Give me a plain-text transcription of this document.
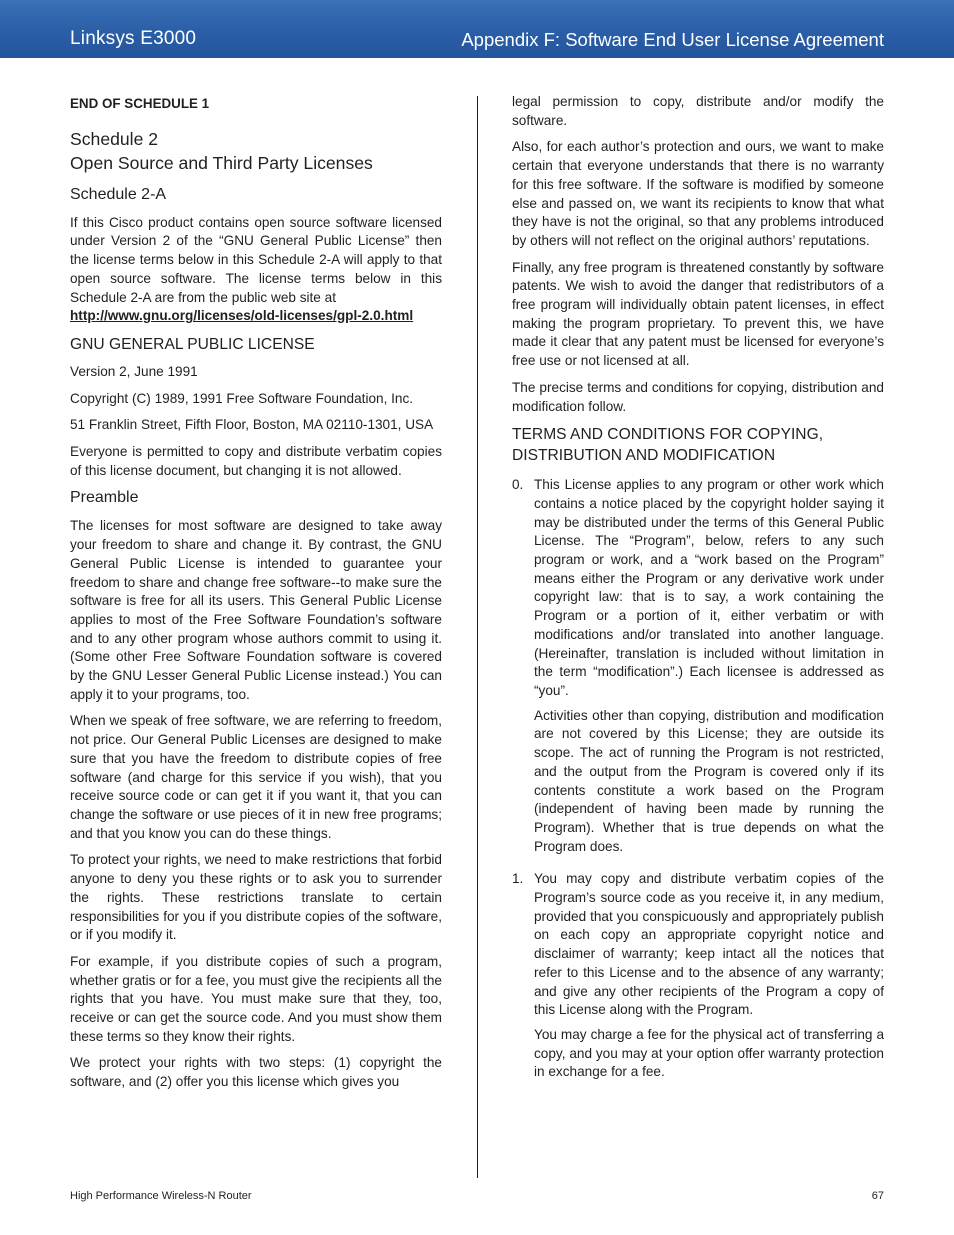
Linksys E3000	Appendix F: Software End User License Agreement
END OF SCHEDULE 1
Schedule 2
Open Source and Third Party Licenses
Schedule 2-A

If this Cisco product contains open source software licensed under Version 2 of the “GNU General Public License” then the license terms below in this Schedule 2-A will apply to that open source software. The license terms below in this Schedule 2-A are from the public web site at
http://www.gnu.org/licenses/old-licenses/gpl-2.0.html

GNU GENERAL PUBLIC LICENSE

Version 2, June 1991

Copyright (C) 1989, 1991 Free Software Foundation, Inc.

51 Franklin Street, Fifth Floor, Boston, MA 02110-1301, USA

Everyone is permitted to copy and distribute verbatim copies of this license document, but changing it is not allowed.

Preamble

The licenses for most software are designed to take away your freedom to share and change it. By contrast, the GNU General Public License is intended to guarantee your freedom to share and change free software--to make sure the software is free for all its users. This General Public License applies to most of the Free Software Foundation’s software and to any other program whose authors commit to using it. (Some other Free Software Foundation software is covered by the GNU Lesser General Public License instead.) You can apply it to your programs, too.

When we speak of free software, we are referring to freedom, not price. Our General Public Licenses are designed to make sure that you have the freedom to distribute copies of free software (and charge for this service if you wish), that you receive source code or can get it if you want it, that you can change the software or use pieces of it in new free programs; and that you know you can do these things.

To protect your rights, we need to make restrictions that forbid anyone to deny you these rights or to ask you to surrender the rights. These restrictions translate to certain responsibilities for you if you distribute copies of the software, or if you modify it.

For example, if you distribute copies of such a program, whether gratis or for a fee, you must give the recipients all the rights that you have. You must make sure that they, too, receive or can get the source code. And you must show them these terms so they know their rights.

We protect your rights with two steps: (1) copyright the software, and (2) offer you this license which gives you

legal permission to copy, distribute and/or modify the software.

Also, for each author’s protection and ours, we want to make certain that everyone understands that there is no warranty for this free software. If the software is modified by someone else and passed on, we want its recipients to know that what they have is not the original, so that any problems introduced by others will not reflect on the original authors’ reputations.

Finally, any free program is threatened constantly by software patents. We wish to avoid the danger that redistributors of a free program will individually obtain patent licenses, in effect making the program proprietary. To prevent this, we have made it clear that any patent must be licensed for everyone’s free use or not licensed at all.

The precise terms and conditions for copying, distribution and modification follow.

TERMS AND CONDITIONS FOR COPYING,
DISTRIBUTION AND MODIFICATION
0. This License applies to any program or other work which contains a notice placed by the copyright holder saying it may be distributed under the terms of this General Public License. The “Program”, below, refers to any such program or work, and a “work based on the Program” means either the Program or any derivative work under copyright law: that is to say, a work containing the Program or a portion of it, either verbatim or with modifications and/or translated into another language. (Hereinafter, translation is included without limitation in the term “modification”.) Each licensee is addressed as “you”.

Activities other than copying, distribution and modification are not covered by this License; they are outside its scope. The act of running the Program is not restricted, and the output from the Program is covered only if its contents constitute a work based on the Program (independent of having been made by running the Program). Whether that is true depends on what the Program does.

1. You may copy and distribute verbatim copies of the Program’s source code as you receive it, in any medium, provided that you conspicuously and appropriately publish on each copy an appropriate copyright notice and disclaimer of warranty; keep intact all the notices that refer to this License and to the absence of any warranty; and give any other recipients of the Program a copy of this License along with the Program.

You may charge a fee for the physical act of transferring a copy, and you may at your option offer warranty protection in exchange for a fee.

High Performance Wireless-N Router	67
